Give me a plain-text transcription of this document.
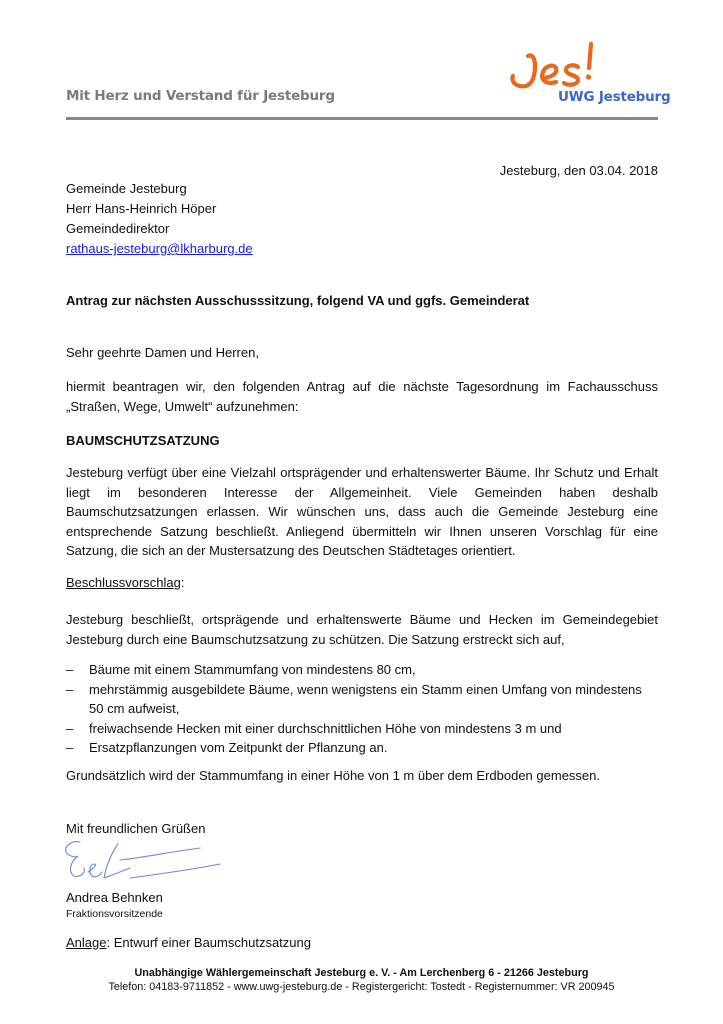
Mit Herz und Verstand für Jesteburg	UWG Jesteburg
Jesteburg, den 03.04. 2018
Gemeinde Jesteburg
Herr Hans-Heinrich Höper
Gemeindedirektor
rathaus-jesteburg@lkharburg.de
Antrag zur nächsten Ausschusssitzung, folgend VA und ggfs. Gemeinderat
Sehr geehrte Damen und Herren,
hiermit beantragen wir, den folgenden Antrag auf die nächste Tagesordnung im Fachausschuss „Straßen, Wege, Umwelt“ aufzunehmen:
BAUMSCHUTZSATZUNG
Jesteburg verfügt über eine Vielzahl ortsprägender und erhaltenswerter Bäume. Ihr Schutz und Erhalt liegt im besonderen Interesse der Allgemeinheit. Viele Gemeinden haben deshalb Baumschutzsatzungen erlassen. Wir wünschen uns, dass auch die Gemeinde Jesteburg eine entsprechende Satzung beschließt. Anliegend übermitteln wir Ihnen unseren Vorschlag für eine Satzung, die sich an der Mustersatzung des Deutschen Städtetages orientiert.
Beschlussvorschlag:
Jesteburg beschließt, ortsprägende und erhaltenswerte Bäume und Hecken im Gemeindegebiet Jesteburg durch eine Baumschutzsatzung zu schützen. Die Satzung erstreckt sich auf,
– Bäume mit einem Stammumfang von mindestens 80 cm,
– mehrstämmig ausgebildete Bäume, wenn wenigstens ein Stamm einen Umfang von mindestens 50 cm aufweist,
– freiwachsende Hecken mit einer durchschnittlichen Höhe von mindestens 3 m und
– Ersatzpflanzungen vom Zeitpunkt der Pflanzung an.
Grundsätzlich wird der Stammumfang in einer Höhe von 1 m über dem Erdboden gemessen.
Mit freundlichen Grüßen
Andrea Behnken
Fraktionsvorsitzende
Anlage: Entwurf einer Baumschutzsatzung
Unabhängige Wählergemeinschaft Jesteburg e. V. - Am Lerchenberg 6 - 21266 Jesteburg
Telefon: 04183-9711852 - www.uwg-jesteburg.de - Registergericht: Tostedt - Registernummer: VR 200945
